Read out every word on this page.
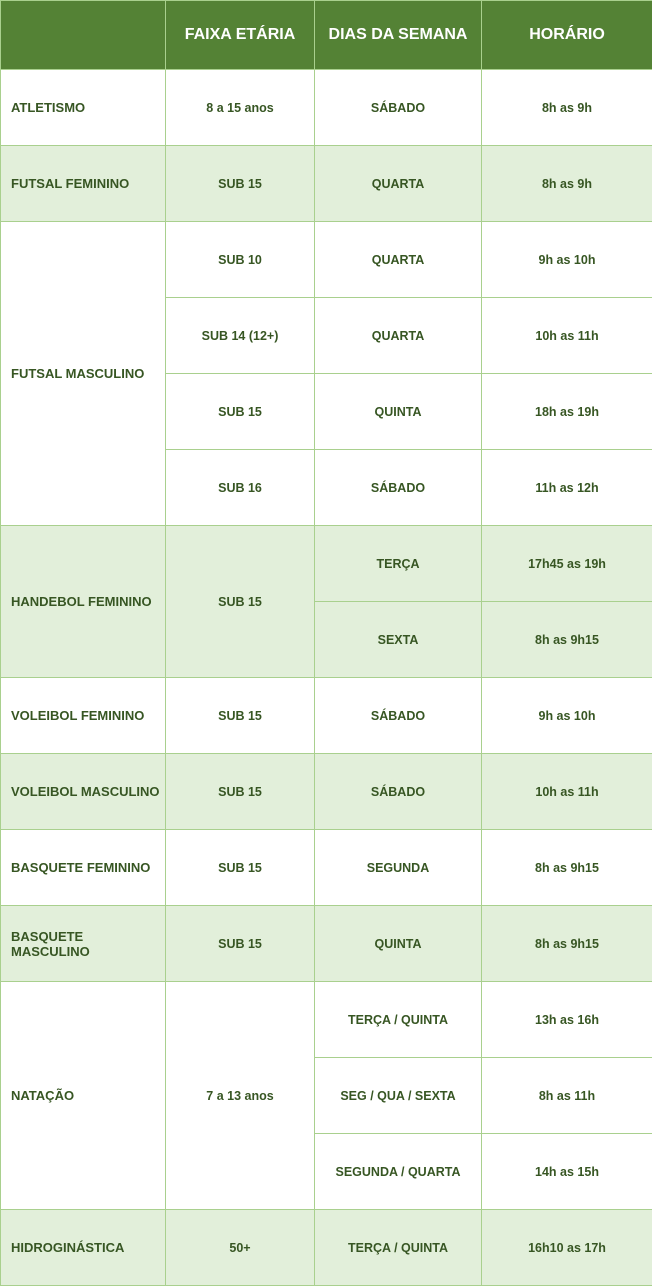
	FAIXA ETÁRIA	DIAS DA SEMANA	HORÁRIO
ATLETISMO	8 a 15 anos	SÁBADO	8h as 9h
FUTSAL FEMININO	SUB 15	QUARTA	8h as 9h
FUTSAL MASCULINO	SUB 10	QUARTA	9h as 10h
	SUB 14 (12+)	QUARTA	10h as 11h
	SUB 15	QUINTA	18h as 19h
	SUB 16	SÁBADO	11h as 12h
HANDEBOL FEMININO	SUB 15	TERÇA	17h45 as 19h
		SEXTA	8h as 9h15
VOLEIBOL FEMININO	SUB 15	SÁBADO	9h as 10h
VOLEIBOL MASCULINO	SUB 15	SÁBADO	10h as 11h
BASQUETE FEMININO	SUB 15	SEGUNDA	8h as 9h15
BASQUETE MASCULINO	SUB 15	QUINTA	8h as 9h15
NATAÇÃO	7 a 13 anos	TERÇA / QUINTA	13h as 16h
		SEG / QUA / SEXTA	8h as 11h
		SEGUNDA / QUARTA	14h as 15h
HIDROGINÁSTICA	50+	TERÇA / QUINTA	16h10 as 17h
